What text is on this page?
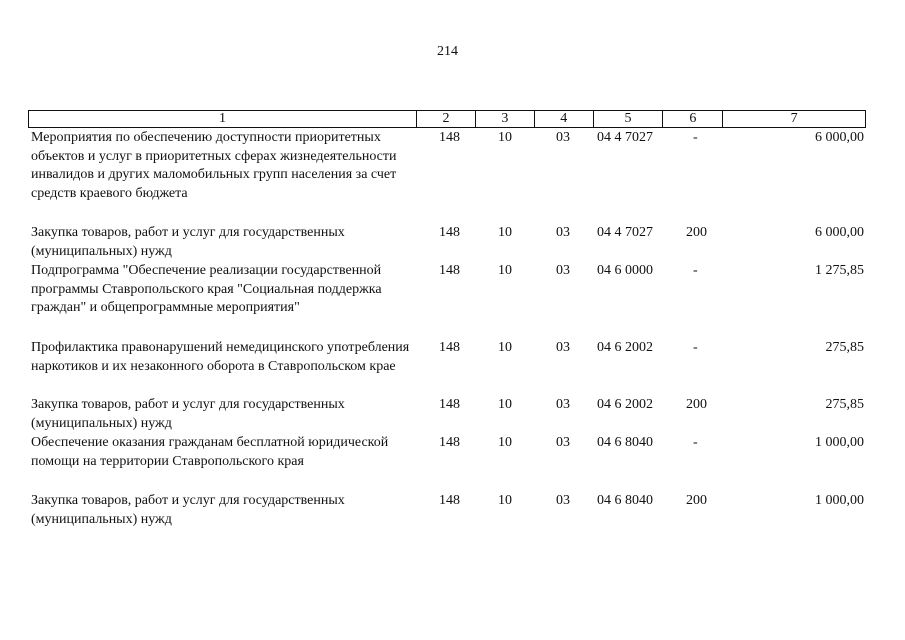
214
1	2	3	4	5	6	7
Мероприятия по обеспечению доступности приоритетных объектов и услуг в приоритетных сферах жизнедеятельности инвалидов и других маломобильных групп населения за счет средств краевого бюджета
148	10	03	04 4 7027	-	6 000,00
Закупка товаров, работ и услуг для государственных (муниципальных) нужд
148	10	03	04 4 7027	200	6 000,00
Подпрограмма "Обеспечение реализации государственной программы Ставропольского края "Социальная поддержка граждан" и общепрограммные мероприятия"
148	10	03	04 6 0000	-	1 275,85
Профилактика правонарушений немедицинского употребления наркотиков и их незаконного оборота в Ставропольском крае
148	10	03	04 6 2002	-	275,85
Закупка товаров, работ и услуг для государственных (муниципальных) нужд
148	10	03	04 6 2002	200	275,85
Обеспечение оказания гражданам бесплатной юридической помощи на территории Ставропольского края
148	10	03	04 6 8040	-	1 000,00
Закупка товаров, работ и услуг для государственных (муниципальных) нужд
148	10	03	04 6 8040	200	1 000,00
